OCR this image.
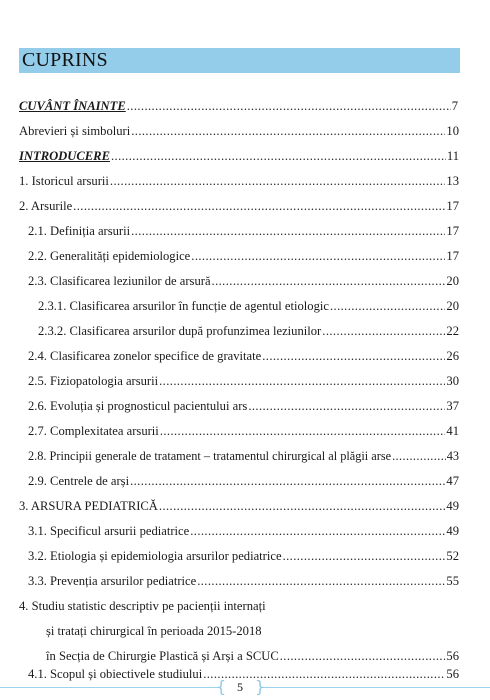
CUPRINS
CUVÂNT ÎNAINTE .....	7
Abrevieri și simboluri .....	10
INTRODUCERE .....	11
1. Istoricul arsurii .....	13
2. Arsurile .....	17
2.1. Definiția arsurii .....	17
2.2. Generalități epidemiologice .....	17
2.3. Clasificarea leziunilor de arsură .....	20
2.3.1. Clasificarea arsurilor în funcție de agentul etiologic .....	20
2.3.2. Clasificarea arsurilor după profunzimea leziunilor .....	22
2.4. Clasificarea zonelor specifice de gravitate .....	26
2.5. Fiziopatologia arsurii .....	30
2.6. Evoluția și prognosticul pacientului ars .....	37
2.7. Complexitatea arsurii .....	41
2.8. Principii generale de tratament – tratamentul chirurgical al plăgii arse .....	43
2.9. Centrele de arși .....	47
3. ARSURA PEDIATRICĂ .....	49
3.1. Specificul arsurii pediatrice .....	49
3.2. Etiologia și epidemiologia arsurilor pediatrice .....	52
3.3. Prevenția arsurilor pediatrice .....	55
4. Studiu statistic descriptiv pe pacienții internați
și tratați chirurgical în perioada 2015-2018
în Secția de Chirurgie Plastică și Arși a SCUC .....	56
4.1. Scopul și obiectivele studiului .....	56
{ }
5
